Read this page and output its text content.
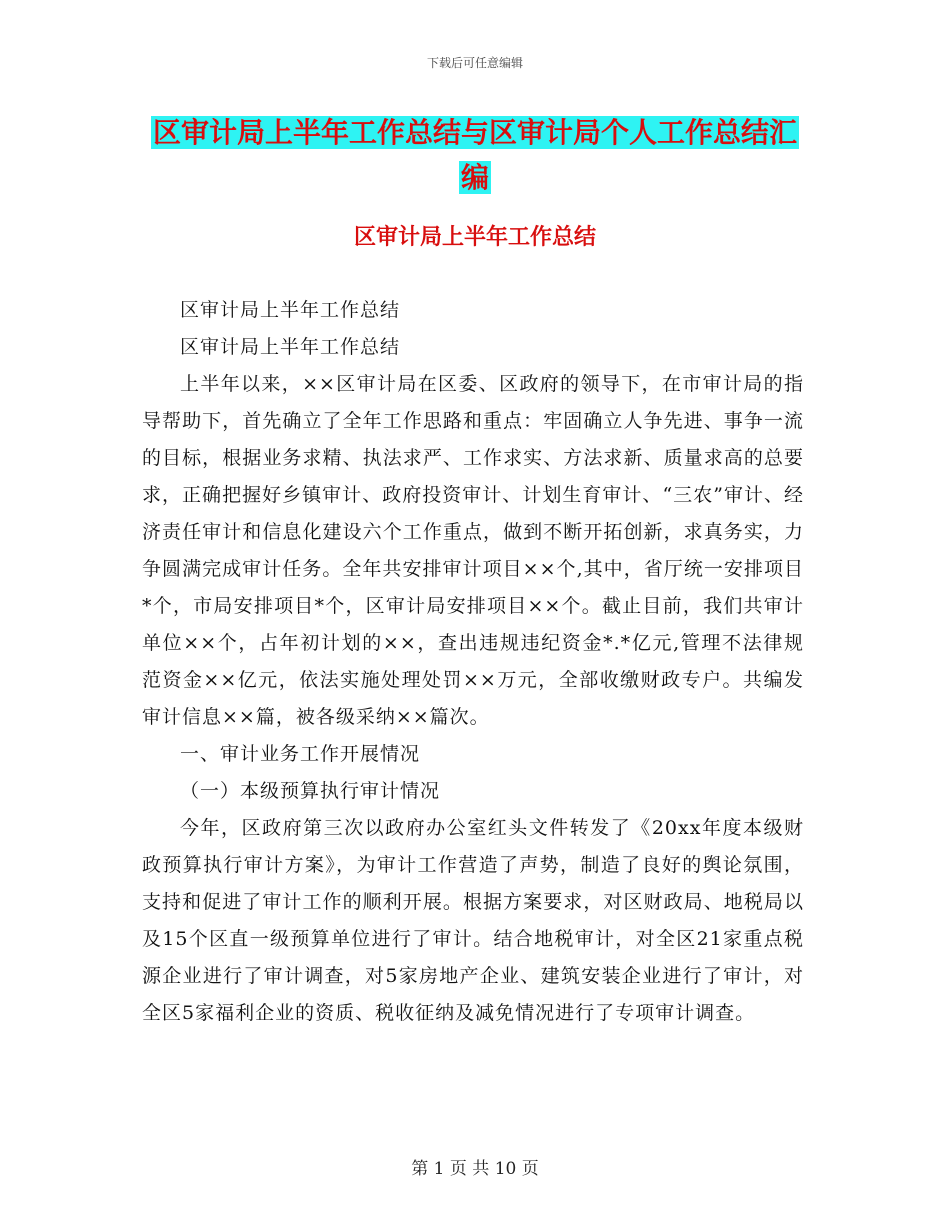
下载后可任意编辑
区审计局上半年工作总结与区审计局个人工作总结汇
编
区审计局上半年工作总结

区审计局上半年工作总结

区审计局上半年工作总结

上半年以来，××区审计局在区委、区政府的领导下，在市审计局的指导帮助下，首先确立了全年工作思路和重点：牢固确立人争先进、事争一流的目标，根据业务求精、执法求严、工作求实、方法求新、质量求高的总要求，正确把握好乡镇审计、政府投资审计、计划生育审计、“三农”审计、经济责任审计和信息化建设六个工作重点，做到不断开拓创新，求真务实，力争圆满完成审计任务。全年共安排审计项目××个,其中，省厅统一安排项目*个，市局安排项目*个，区审计局安排项目××个。截止目前，我们共审计单位××个，占年初计划的××，查出违规违纪资金*.*亿元,管理不法律规范资金××亿元，依法实施处理处罚××万元，全部收缴财政专户。共编发审计信息××篇，被各级采纳××篇次。

一、审计业务工作开展情况

（一）本级预算执行审计情况

今年，区政府第三次以政府办公室红头文件转发了《20xx年度本级财政预算执行审计方案》，为审计工作营造了声势，制造了良好的舆论氛围，支持和促进了审计工作的顺利开展。根据方案要求，对区财政局、地税局以及15个区直一级预算单位进行了审计。结合地税审计，对全区21家重点税源企业进行了审计调查，对5家房地产企业、建筑安装企业进行了审计，对全区5家福利企业的资质、税收征纳及减免情况进行了专项审计调查。

第 1 页 共 10 页
